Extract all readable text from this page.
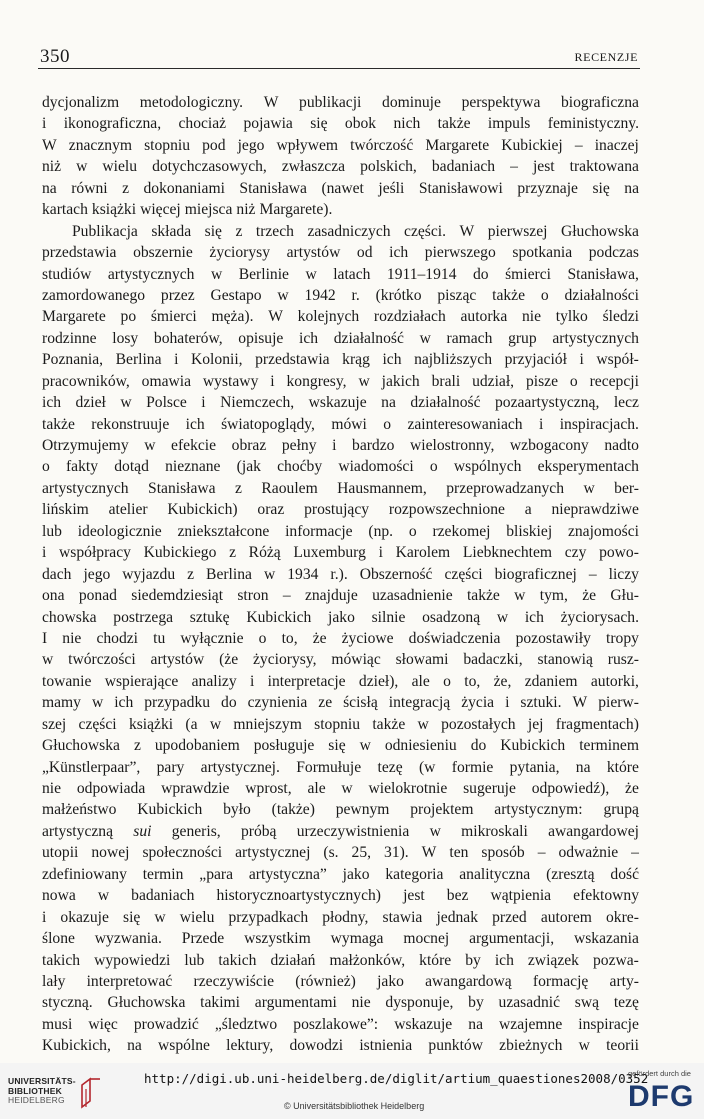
350	RECENZJE
dycjonalizm metodologiczny. W publikacji dominuje perspektywa biograficzna
i ikonograficzna, chociaż pojawia się obok nich także impuls feministyczny.
W znacznym stopniu pod jego wpływem twórczość Margarete Kubickiej – inaczej
niż w wielu dotychczasowych, zwłaszcza polskich, badaniach – jest traktowana
na równi z dokonaniami Stanisława (nawet jeśli Stanisławowi przyznaje się na
kartach książki więcej miejsca niż Margarete).
Publikacja składa się z trzech zasadniczych części. W pierwszej Głuchowska
przedstawia obszernie życiorysy artystów od ich pierwszego spotkania podczas
studiów artystycznych w Berlinie w latach 1911–1914 do śmierci Stanisława,
zamordowanego przez Gestapo w 1942 r. (krótko pisząc także o działalności
Margarete po śmierci męża). W kolejnych rozdziałach autorka nie tylko śledzi
rodzinne losy bohaterów, opisuje ich działalność w ramach grup artystycznych
Poznania, Berlina i Kolonii, przedstawia krąg ich najbliższych przyjaciół i współ-
pracowników, omawia wystawy i kongresy, w jakich brali udział, pisze o recepcji
ich dzieł w Polsce i Niemczech, wskazuje na działalność pozaartystyczną, lecz
także rekonstruuje ich światopoglądy, mówi o zainteresowaniach i inspiracjach.
Otrzymujemy w efekcie obraz pełny i bardzo wielostronny, wzbogacony nadto
o fakty dotąd nieznane (jak choćby wiadomości o wspólnych eksperymentach
artystycznych Stanisława z Raoulem Hausmannem, przeprowadzanych w ber-
lińskim atelier Kubickich) oraz prostujący rozpowszechnione a nieprawdziwe
lub ideologicznie zniekształcone informacje (np. o rzekomej bliskiej znajomości
i współpracy Kubickiego z Różą Luxemburg i Karolem Liebknechtem czy powo-
dach jego wyjazdu z Berlina w 1934 r.). Obszerność części biograficznej – liczy
ona ponad siedemdziesiąt stron – znajduje uzasadnienie także w tym, że Głu-
chowska postrzega sztukę Kubickich jako silnie osadzoną w ich życiorysach.
I nie chodzi tu wyłącznie o to, że życiowe doświadczenia pozostawiły tropy
w twórczości artystów (że życiorysy, mówiąc słowami badaczki, stanowią rusz-
towanie wspierające analizy i interpretacje dzieł), ale o to, że, zdaniem autorki,
mamy w ich przypadku do czynienia ze ścisłą integracją życia i sztuki. W pierw-
szej części książki (a w mniejszym stopniu także w pozostałych jej fragmentach)
Głuchowska z upodobaniem posługuje się w odniesieniu do Kubickich terminem
„Künstlerpaar”, pary artystycznej. Formułuje tezę (w formie pytania, na które
nie odpowiada wprawdzie wprost, ale w wielokrotnie sugeruje odpowiedź), że
małżeństwo Kubickich było (także) pewnym projektem artystycznym: grupą
artystyczną sui generis, próbą urzeczywistnienia w mikroskali awangardowej
utopii nowej społeczności artystycznej (s. 25, 31). W ten sposób – odważnie –
zdefiniowany termin „para artystyczna” jako kategoria analityczna (zresztą dość
nowa w badaniach historycznoartystycznych) jest bez wątpienia efektowny
i okazuje się w wielu przypadkach płodny, stawia jednak przed autorem okre-
ślone wyzwania. Przede wszystkim wymaga mocnej argumentacji, wskazania
takich wypowiedzi lub takich działań małżonków, które by ich związek pozwa-
lały interpretować rzeczywiście (również) jako awangardową formację arty-
styczną. Głuchowska takimi argumentami nie dysponuje, by uzasadnić swą tezę
musi więc prowadzić „śledztwo poszlakowe”: wskazuje na wzajemne inspiracje
Kubickich, na wspólne lektury, dowodzi istnienia punktów zbieżnych w teorii
UNIVERSITÄTS-
BIBLIOTHEK
HEIDELBERG
http://digi.ub.uni-heidelberg.de/diglit/artium_quaestiones2008/0352
© Universitätsbibliothek Heidelberg
gefördert durch die
DFG
